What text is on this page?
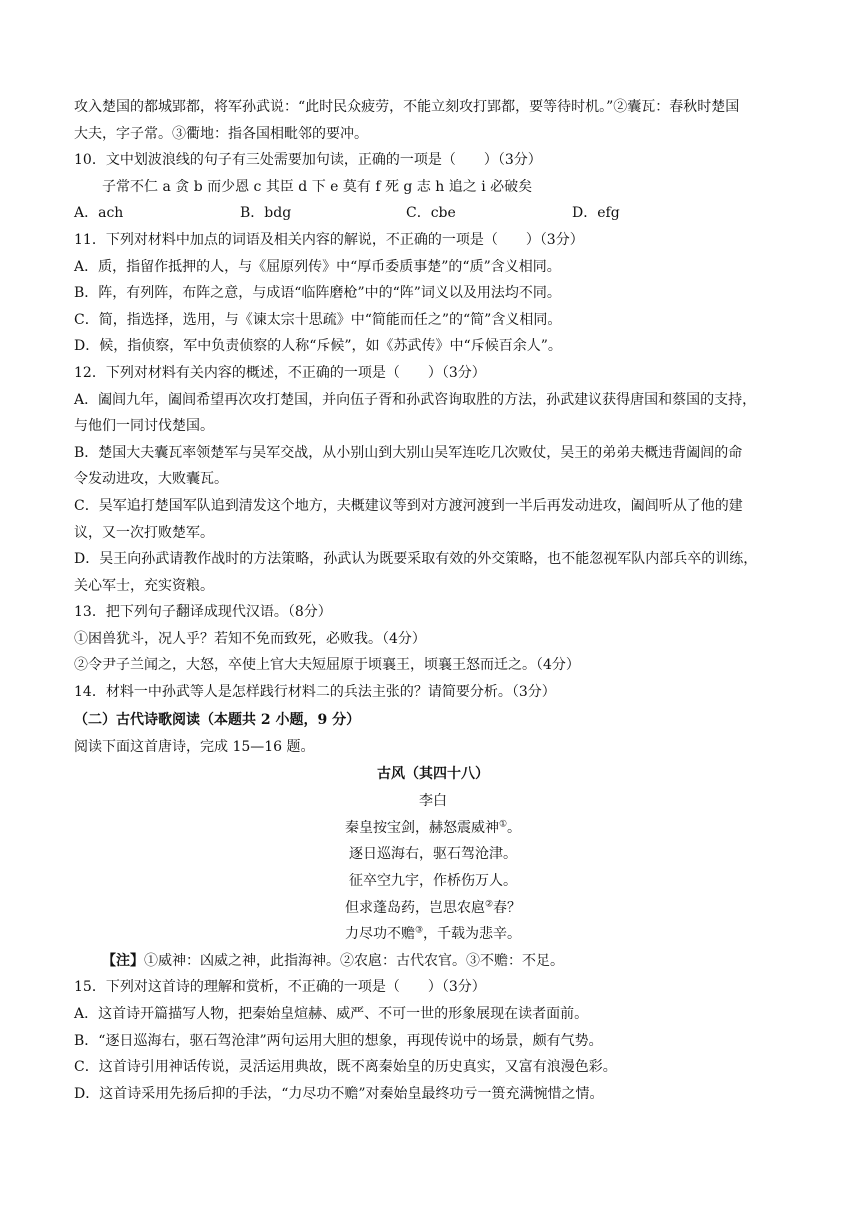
攻入楚国的都城郢都，将军孙武说：“此时民众疲劳，不能立刻攻打郢都，要等待时机。”②囊瓦：春秋时楚国

大夫，字子常。③衢地：指各国相毗邻的要冲。

10．文中划波浪线的句子有三处需要加句读，正确的一项是（　　）（3分）

子常不仁 a 贪 b 而少恩 c 其臣 d 下 e 莫有 f 死 g 志 h 追之 i 必破矣

A．ach	B．bdg	C．cbe	D．efg

11．下列对材料中加点的词语及相关内容的解说，不正确的一项是（　　）（3分）

A．质，指留作抵押的人，与《屈原列传》中“厚币委质事楚”的“质”含义相同。

B．阵，有列阵，布阵之意，与成语“临阵磨枪”中的“阵”词义以及用法均不同。

C．简，指选择，选用，与《谏太宗十思疏》中“简能而任之”的“简”含义相同。

D．候，指侦察，军中负责侦察的人称“斥候”，如《苏武传》中“斥候百余人”。

12．下列对材料有关内容的概述，不正确的一项是（　　）（3分）

A．阖闾九年，阖闾希望再次攻打楚国，并向伍子胥和孙武咨询取胜的方法，孙武建议获得唐国和蔡国的支持，

与他们一同讨伐楚国。

B．楚国大夫囊瓦率领楚军与吴军交战，从小别山到大别山吴军连吃几次败仗，吴王的弟弟夫概违背阖闾的命

令发动进攻，大败囊瓦。

C．吴军追打楚国军队追到清发这个地方，夫概建议等到对方渡河渡到一半后再发动进攻，阖闾听从了他的建

议，又一次打败楚军。

D．吴王向孙武请教作战时的方法策略，孙武认为既要采取有效的外交策略，也不能忽视军队内部兵卒的训练，

关心军士，充实资粮。

13．把下列句子翻译成现代汉语。（8分）

①困兽犹斗，况人乎？若知不免而致死，必败我。（4分）

②令尹子兰闻之，大怒，卒使上官大夫短屈原于顷襄王，顷襄王怒而迁之。（4分）

14．材料一中孙武等人是怎样践行材料二的兵法主张的？请简要分析。（3分）

（二）古代诗歌阅读（本题共 2 小题，9 分）

阅读下面这首唐诗，完成 15—16 题。

古风（其四十八）

李白

秦皇按宝剑，赫怒震威神①。

逐日巡海右，驱石驾沧津。

征卒空九宇，作桥伤万人。

但求蓬岛药，岂思农扈②春？

力尽功不赡③，千载为悲辛。

【注】①威神：凶威之神，此指海神。②农扈：古代农官。③不赡：不足。

15．下列对这首诗的理解和赏析，不正确的一项是（　　）（3分）

A．这首诗开篇描写人物，把秦始皇煊赫、威严、不可一世的形象展现在读者面前。

B．“逐日巡海右，驱石驾沧津”两句运用大胆的想象，再现传说中的场景，颇有气势。

C．这首诗引用神话传说，灵活运用典故，既不离秦始皇的历史真实，又富有浪漫色彩。

D．这首诗采用先扬后抑的手法，“力尽功不赡”对秦始皇最终功亏一篑充满惋惜之情。
